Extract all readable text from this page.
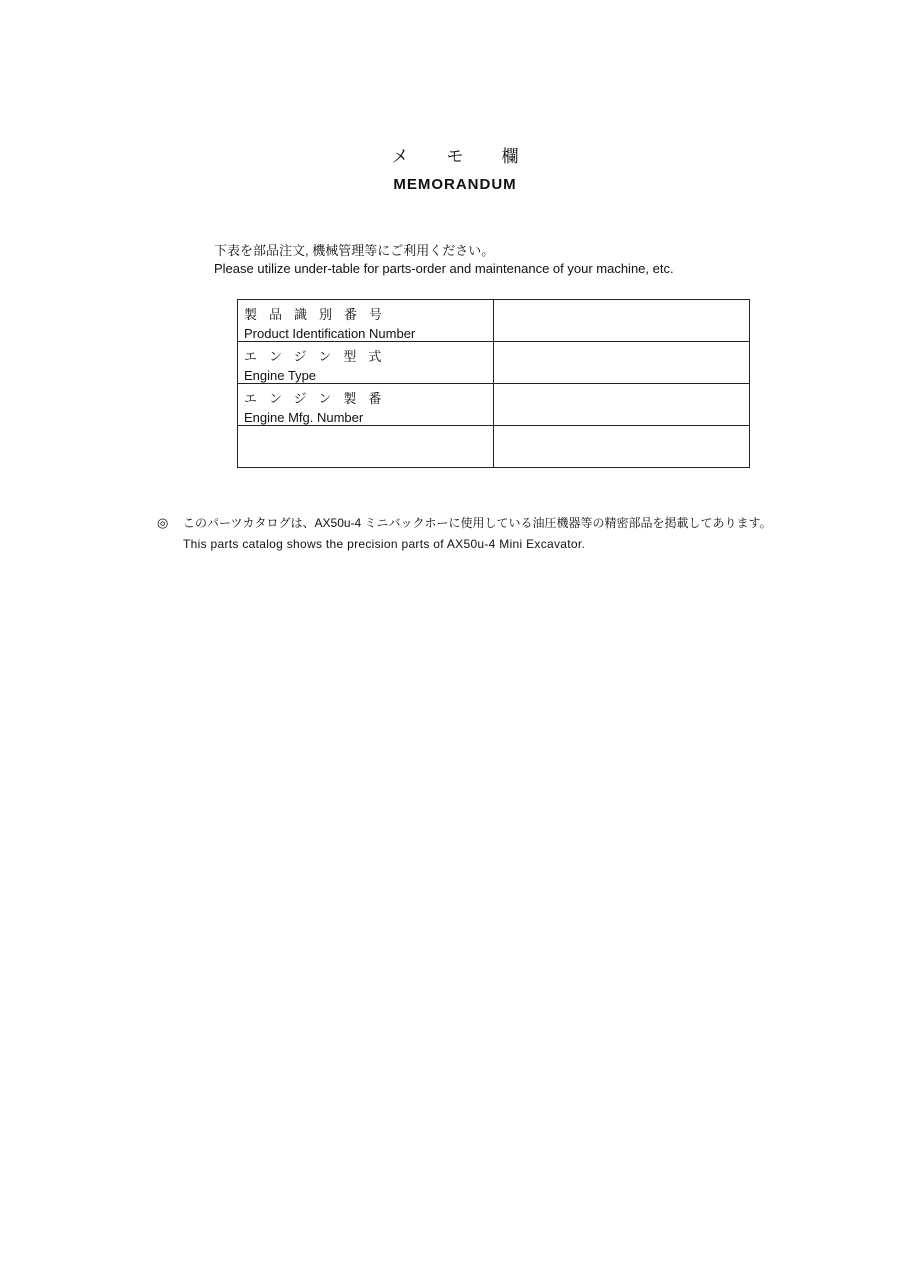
メモ欄
MEMORANDUM
下表を部品注文, 機械管理等にご利用ください。
Please utilize under-table for parts-order and maintenance of your machine, etc.
製品識別番号
Product Identification Number	

エンジン型式
Engine Type	

エンジン製番
Engine Mfg. Number	

◎ このパーツカタログは、AX50u-4 ミニバックホーに使用している油圧機器等の精密部品を掲載してあります。
This parts catalog shows the precision parts of AX50u-4 Mini Excavator.
